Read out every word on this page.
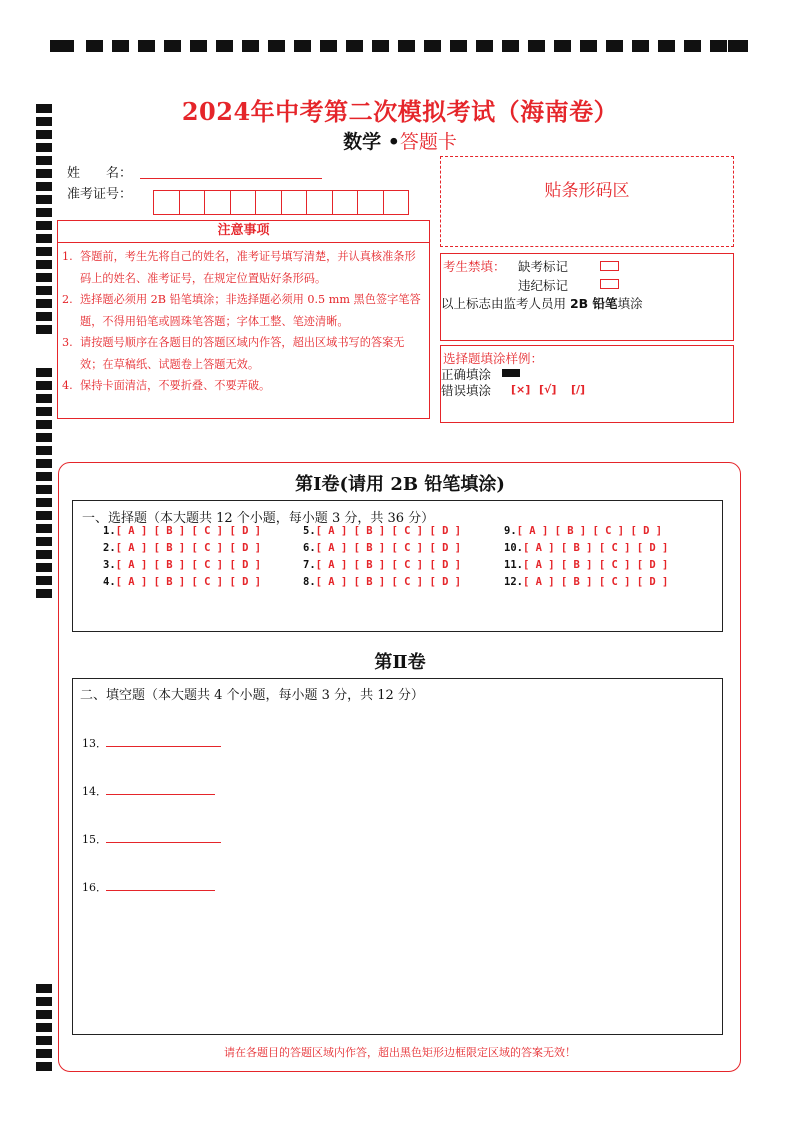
2024年中考第二次模拟考试（海南卷）
数学 •答题卡
姓　　名：
准考证号：
注意事项
1. 答题前，考生先将自己的姓名，准考证号填写清楚，并认真核准条形码上的姓名、准考证号，在规定位置贴好条形码。
2. 选择题必须用 2B 铅笔填涂；非选择题必须用 0.5 mm 黑色签字笔答题，不得用铅笔或圆珠笔答题；字体工整、笔迹清晰。
3. 请按题号顺序在各题目的答题区域内作答，超出区域书写的答案无效；在草稿纸、试题卷上答题无效。
4. 保持卡面清洁，不要折叠、不要弄破。
贴条形码区
考生禁填： 缺考标记
违纪标记
以上标志由监考人员用 2B 铅笔填涂
选择题填涂样例：
正确填涂
错误填涂 [×] [√] [/]
第Ⅰ卷(请用 2B 铅笔填涂)
一、选择题（本大题共 12 个小题，每小题 3 分，共 36 分）
1.[ A ] [ B ] [ C ] [ D ]
2.[ A ] [ B ] [ C ] [ D ]
3.[ A ] [ B ] [ C ] [ D ]
4.[ A ] [ B ] [ C ] [ D ]
5.[ A ] [ B ] [ C ] [ D ]
6.[ A ] [ B ] [ C ] [ D ]
7.[ A ] [ B ] [ C ] [ D ]
8.[ A ] [ B ] [ C ] [ D ]
9.[ A ] [ B ] [ C ] [ D ]
10.[ A ] [ B ] [ C ] [ D ]
11.[ A ] [ B ] [ C ] [ D ]
12.[ A ] [ B ] [ C ] [ D ]
第Ⅱ卷
二、填空题（本大题共 4 个小题，每小题 3 分，共 12 分）
13．
14．
15．
16．
请在各题目的答题区域内作答，超出黑色矩形边框限定区域的答案无效！
